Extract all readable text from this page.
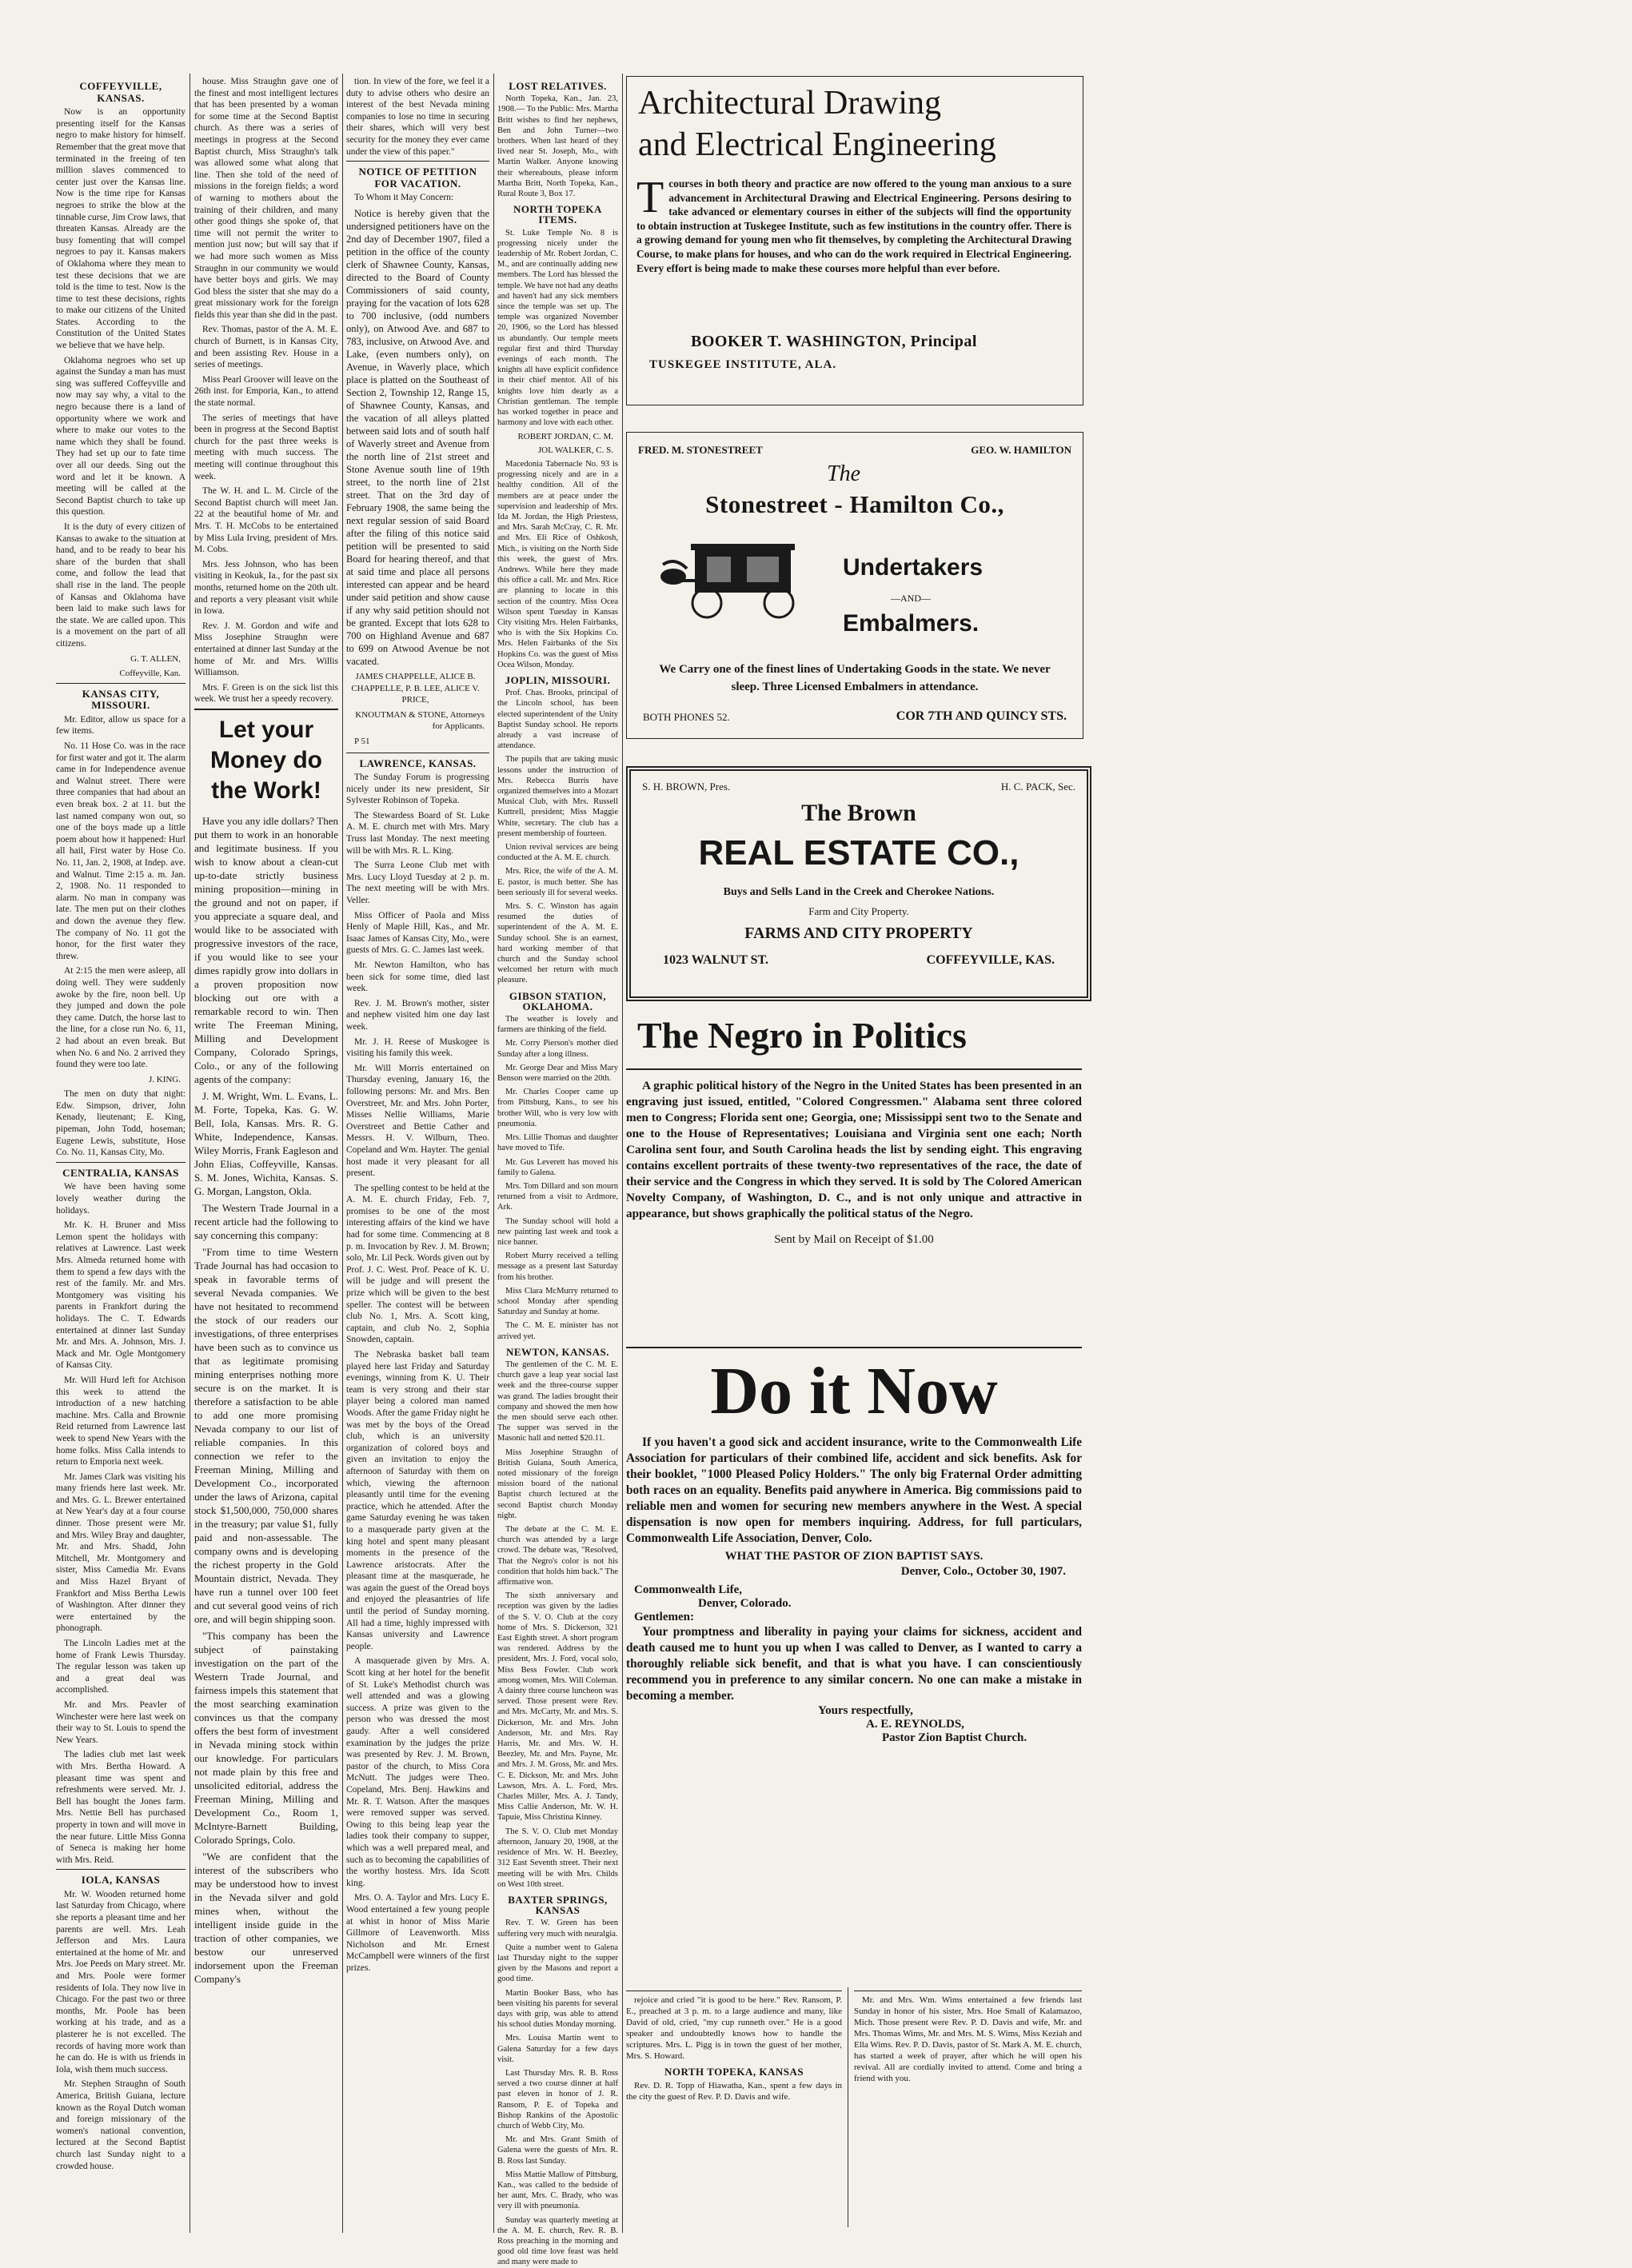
COFFEYVILLE, KANSAS.

Now is an opportunity presenting itself for the Kansas negro to make history for himself. Remember that the great move that terminated in the freeing of ten million slaves commenced to center just over the Kansas line. Now is the time ripe for Kansas negroes to strike the blow at the tinnable curse, Jim Crow laws, that threaten Kansas. Already are the busy fomenting that will compel negroes to pay it. Kansas makers of Oklahoma where they mean to test these decisions that we are told is the time to test. Now is the time to test these decisions, rights to make our citizens of the United States. According to the Constitution of the United States we believe that we have help.

Oklahoma negroes who set up against the Sunday a man has must sing was suffered Coffeyville and now may say why, a vital to the negro because there is a land of opportunity where we work and where to make our votes to the name which they shall be found. They had set up our to fate time over all our deeds. Sing out the word and let it be known. A meeting will be called at the Second Baptist church to take up this question.

It is the duty of every citizen of Kansas to awake to the situation at hand, and to be ready to bear his share of the burden that shall come, and follow the lead that shall rise in the land. The people of Kansas and Oklahoma have been laid to make such laws for the state. We are called upon. This is a movement on the part of all citizens.

G. T. ALLEN,
Coffeyville, Kan.
KANSAS CITY, MISSOURI.

Mr. Editor, allow us space for a few items.

No. 11 Hose Co. was in the race for first water and got it. The alarm came in for Independence avenue and Walnut street. There were three companies that had about an even break box. 2 at 11. but the last named company won out, so one of the boys made up a little poem about how it happened: Hurl all hail, First water by Hose Co. No. 11, Jan. 2, 1908, at Indep. ave. and Walnut. Time 2:15 a. m. Jan. 2, 1908. No. 11 responded to alarm. No man in company was late. The men put on their clothes and down the avenue they flew. The company of No. 11 got the honor, for the first water they threw.

At 2:15 the men were asleep, all doing well. They were suddenly awoke by the fire, noon bell. Up they jumped and down the pole they came. Dutch, the horse last to the line, for a close run No. 6, 11, 2 had about an even break. But when No. 6 and No. 2 arrived they found they were too late.

J. KING.

The men on duty that night: Edw. Simpson, driver, John Kenady, lieutenant; E. King, pipeman, John Todd, hoseman; Eugene Lewis, substitute, Hose Co. No. 11, Kansas City, Mo.

CENTRALIA, KANSAS

We have been having some lovely weather during the holidays.

Mr. K. H. Bruner and Miss Lemon spent the holidays with relatives at Lawrence. Last week Mrs. Almeda returned home with them to spend a few days with the rest of the family. Mr. and Mrs. Montgomery was visiting his parents in Frankfort during the holidays. The C. T. Edwards entertained at dinner last Sunday Mr. and Mrs. A. Johnson, Mrs. J. Mack and Mr. Ogle Montgomery of Kansas City.

Mr. Will Hurd left for Atchison this week to attend the introduction of a new hatching machine. Mrs. Calla and Brownie Reid returned from Lawrence last week to spend New Years with the home folks. Miss Calla intends to return to Emporia next week.

Mr. James Clark was visiting his many friends here last week. Mr. and Mrs. G. L. Brewer entertained at New Year's day at a four course dinner. Those present were Mr. and Mrs. Wiley Bray and daughter, Mr. and Mrs. Shadd, John Mitchell, Mr. Montgomery and sister, Miss Camedia Mr. Evans and Miss Hazel Bryant of Frankfort and Miss Bertha Lewis of Washington. After dinner they were entertained by the phonograph.

The Lincoln Ladies met at the home of Frank Lewis Thursday. The regular lesson was taken up and a great deal was accomplished.

Mr. and Mrs. Peavler of Winchester were here last week on their way to St. Louis to spend the New Years.

The ladies club met last week with Mrs. Bertha Howard. A pleasant time was spent and refreshments were served. Mr. J. Bell has bought the Jones farm. Mrs. Nettie Bell has purchased property in town and will move in the near future. Little Miss Gonna of Seneca is making her home with Mrs. Reid.

IOLA, KANSAS

Mr. W. Wooden returned home last Saturday from Chicago, where she reports a pleasant time and her parents are well. Mrs. Leah Jefferson and Mrs. Laura entertained at the home of Mr. and Mrs. Joe Peeds on Mary street. Mr. and Mrs. Poole were former residents of Iola. They now live in Chicago. For the past two or three months, Mr. Poole has been working at his trade, and as a plasterer he is not excelled. The records of having more work than he can do. He is with us friends in Iola, wish them much success.

Mr. Stephen Straughn of South America, British Guiana, lecture known as the Royal Dutch woman and foreign missionary of the women's national convention, lectured at the Second Baptist church last Sunday night to a crowded house.

house. Miss Straughn gave one of the finest and most intelligent lectures that has been presented by a woman for some time at the Second Baptist church. As there was a series of meetings in progress at the Second Baptist church, Miss Straughn's talk was allowed some what along that line. Then she told of the need of missions in the foreign fields; a word of warning to mothers about the training of their children, and many other good things she spoke of, that time will not permit the writer to mention just now; but will say that if we had more such women as Miss Straughn in our community we would have better boys and girls. We may God bless the sister that she may do a great missionary work for the foreign fields this year than she did in the past.

Rev. Thomas, pastor of the A. M. E. church of Burnett, is in Kansas City, and been assisting Rev. House in a series of meetings.

Miss Pearl Groover will leave on the 26th inst. for Emporia, Kan., to attend the state normal.

The series of meetings that have been in progress at the Second Baptist church for the past three weeks is meeting with much success. The meeting will continue throughout this week.

The W. H. and L. M. Circle of the Second Baptist church will meet Jan. 22 at the beautiful home of Mr. and Mrs. T. H. McCobs to be entertained by Miss Lula Irving, president of Mrs. M. Cobs.

Mrs. Jess Johnson, who has been visiting in Keokuk, Ia., for the past six months, returned home on the 20th ult. and reports a very pleasant visit while in Iowa.

Rev. J. M. Gordon and wife and Miss Josephine Straughn were entertained at dinner last Sunday at the home of Mr. and Mrs. Willis Williamson.

Mrs. F. Green is on the sick list this week. We trust her a speedy recovery.

Let your Money do the Work!

Have you any idle dollars? Then put them to work in an honorable and legitimate business. If you wish to know about a clean-cut up-to-date strictly business mining proposition—mining in the ground and not on paper, if you appreciate a square deal, and would like to be associated with progressive investors of the race, if you would like to see your dimes rapidly grow into dollars in a proven proposition now blocking out ore with a remarkable record to win. Then write The Freeman Mining, Milling and Development Company, Colorado Springs, Colo., or any of the following agents of the company:

J. M. Wright, Wm. L. Evans, L. M. Forte, Topeka, Kas. G. W. Bell, Iola, Kansas. Mrs. R. G. White, Independence, Kansas. Wiley Morris, Frank Eagleson and John Elias, Coffeyville, Kansas. S. M. Jones, Wichita, Kansas. S. G. Morgan, Langston, Okla.

The Western Trade Journal in a recent article had the following to say concerning this company:

"From time to time Western Trade Journal has had occasion to speak in favorable terms of several Nevada companies. We have not hesitated to recommend the stock of our readers our investigations, of three enterprises have been such as to convince us that as legitimate promising mining enterprises nothing more secure is on the market. It is therefore a satisfaction to be able to add one more promising Nevada company to our list of reliable companies. In this connection we refer to the Freeman Mining, Milling and Development Co., incorporated under the laws of Arizona, capital stock $1,500,000, 750,000 shares in the treasury; par value $1, fully paid and non-assessable. The company owns and is developing the richest property in the Gold Mountain district, Nevada. They have run a tunnel over 100 feet and cut several good veins of rich ore, and will begin shipping soon.

"This company has been the subject of painstaking investigation on the part of the Western Trade Journal, and fairness impels this statement that the most searching examination convinces us that the company offers the best form of investment in Nevada mining stock within our knowledge. For particulars not made plain by this free and unsolicited editorial, address the Freeman Mining, Milling and Development Co., Room 1, McIntyre-Barnett Building, Colorado Springs, Colo.

"We are confident that the interest of the subscribers who may be understood how to invest in the Nevada silver and gold mines when, without the intelligent inside guide in the traction of other companies, we bestow our unreserved indorsement upon the Freeman Company's

tion. In view of the fore, we feel it a duty to advise others who desire an interest of the best Nevada mining companies to lose no time in securing their shares, which will very best security for the money they ever came under the view of this paper."

NOTICE OF PETITION FOR VACATION.

To Whom it May Concern:

Notice is hereby given that the undersigned petitioners have on the 2nd day of December 1907, filed a petition in the office of the county clerk of Shawnee County, Kansas, directed to the Board of County Commissioners of said county, praying for the vacation of lots 628 to 700 inclusive, (odd numbers only), on Atwood Ave. and 687 to 783, inclusive, on Atwood Ave. and Lake, (even numbers only), on Avenue, in Waverly place, which place is platted on the Southeast of Section 2, Township 12, Range 15, of Shawnee County, Kansas, and the vacation of all alleys platted between said lots and of south half of Waverly street and Avenue from the north line of 21st street and Stone Avenue south line of 19th street, to the north line of 21st street. That on the 3rd day of February 1908, the same being the next regular session of said Board after the filing of this notice said petition will be presented to said Board for hearing thereof, and that at said time and place all persons interested can appear and be heard under said petition and show cause if any why said petition should not be granted. Except that lots 628 to 700 on Highland Avenue and 687 to 699 on Atwood Avenue be not vacated.

JAMES CHAPPELLE, ALICE B. CHAPPELLE, P. B. LEE, ALICE V. PRICE,
KNOUTMAN & STONE, Attorneys for Applicants.
P 51
LAWRENCE, KANSAS.

The Sunday Forum is progressing nicely under its new president, Sir Sylvester Robinson of Topeka.

The Stewardess Board of St. Luke A. M. E. church met with Mrs. Mary Truss last Monday. The next meeting will be with Mrs. R. L. King.

The Surra Leone Club met with Mrs. Lucy Lloyd Tuesday at 2 p. m. The next meeting will be with Mrs. Veller.

Miss Officer of Paola and Miss Henly of Maple Hill, Kas., and Mr. Isaac James of Kansas City, Mo., were guests of Mrs. G. C. James last week.

Mr. Newton Hamilton, who has been sick for some time, died last week.

Rev. J. M. Brown's mother, sister and nephew visited him one day last week.

Mr. J. H. Reese of Muskogee is visiting his family this week.

Mr. Will Morris entertained on Thursday evening, January 16, the following persons: Mr. and Mrs. Ben Overstreet, Mr. and Mrs. John Porter, Misses Nellie Williams, Marie Overstreet and Bettie Cather and Messrs. H. V. Wilburn, Theo. Copeland and Wm. Hayter. The genial host made it very pleasant for all present.

The spelling contest to be held at the A. M. E. church Friday, Feb. 7, promises to be one of the most interesting affairs of the kind we have had for some time. Commencing at 8 p. m. Invocation by Rev. J. M. Brown; solo, Mr. Lil Peck. Words given out by Prof. J. C. West. Prof. Peace of K. U. will be judge and will present the prize which will be given to the best speller. The contest will be between club No. 1, Mrs. A. Scott king, captain, and club No. 2, Sophia Snowden, captain.

The Nebraska basket ball team played here last Friday and Saturday evenings, winning from K. U. Their team is very strong and their star player being a colored man named Woods. After the game Friday night he was met by the boys of the Oread club, which is an university organization of colored boys and given an invitation to enjoy the afternoon of Saturday with them on which, viewing the afternoon pleasantly until time for the evening practice, which he attended. After the game Saturday evening he was taken to a masquerade party given at the king hotel and spent many pleasant moments in the presence of the Lawrence aristocrats. After the pleasant time at the masquerade, he was again the guest of the Oread boys and enjoyed the pleasantries of life until the period of Sunday morning. All had a time, highly impressed with Kansas university and Lawrence people.

A masquerade given by Mrs. A. Scott king at her hotel for the benefit of St. Luke's Methodist church was well attended and was a glowing success. A prize was given to the person who was dressed the most gaudy. After a well considered examination by the judges the prize was presented by Rev. J. M. Brown, pastor of the church, to Miss Cora McNutt. The judges were Theo. Copeland, Mrs. Benj. Hawkins and Mr. R. T. Watson. After the masques were removed supper was served. Owing to this being leap year the ladies took their company to supper, which was a well prepared meal, and such as to becoming the capabilities of the worthy hostess. Mrs. Ida Scott king.

Mrs. O. A. Taylor and Mrs. Lucy E. Wood entertained a few young people at whist in honor of Miss Marie Gillmore of Leavenworth. Miss Nicholson and Mr. Ernest McCampbell were winners of the first prizes.

LOST RELATIVES.

North Topeka, Kan., Jan. 23, 1908.— To the Public: Mrs. Martha Britt wishes to find her nephews, Ben and John Turner—two brothers. When last heard of they lived near St. Joseph, Mo., with Martin Walker. Anyone knowing their whereabouts, please inform Martha Britt, North Topeka, Kan., Rural Route 3, Box 17.

NORTH TOPEKA ITEMS.

St. Luke Temple No. 8 is progressing nicely under the leadership of Mr. Robert Jordan, C. M., and are continually adding new members. The Lord has blessed the temple. We have not had any deaths and haven't had any sick members since the temple was set up. The temple was organized November 20, 1906, so the Lord has blessed us abundantly. Our temple meets regular first and third Thursday evenings of each month. The knights all have explicit confidence in their chief mentor. All of his knights love him dearly as a Christian gentleman. The temple has worked together in peace and harmony and love with each other.

ROBERT JORDAN, C. M.
JOL WALKER, C. S.

Macedonia Tabernacle No. 93 is progressing nicely and are in a healthy condition. All of the members are at peace under the supervision and leadership of Mrs. Ida M. Jordan, the High Priestess, and Mrs. Sarah McCray, C. R. Mr. and Mrs. Eli Rice of Oshkosh, Mich., is visiting on the North Side this week, the guest of Mrs. Andrews. While here they made this office a call. Mr. and Mrs. Rice are planning to locate in this section of the country. Miss Ocea Wilson spent Tuesday in Kansas City visiting Mrs. Helen Fairbanks, who is with the Six Hopkins Co. Mrs. Helen Fairbanks of the Six Hopkins Co. was the guest of Miss Ocea Wilson, Monday.

JOPLIN, MISSOURI.

Prof. Chas. Brooks, principal of the Lincoln school, has been elected superintendent of the Unity Baptist Sunday school. He reports already a vast increase of attendance.

The pupils that are taking music lessons under the instruction of Mrs. Rebecca Burris have organized themselves into a Mozart Musical Club, with Mrs. Russell Kuttrell, president; Miss Maggie White, secretary. The club has a present membership of fourteen.

Union revival services are being conducted at the A. M. E. church.

Mrs. Rice, the wife of the A. M. E. pastor, is much better. She has been seriously ill for several weeks.

Mrs. S. C. Winston has again resumed the duties of superintendent of the A. M. E. Sunday school. She is an earnest, hard working member of that church and the Sunday school welcomed her return with much pleasure.

GIBSON STATION, OKLAHOMA.

The weather is lovely and farmers are thinking of the field.

Mr. Corry Pierson's mother died Sunday after a long illness.

Mr. George Dear and Miss Mary Benson were married on the 20th.

Mr. Charles Cooper came up from Pittsburg, Kans., to see his brother Will, who is very low with pneumonia.

Mrs. Lillie Thomas and daughter have moved to Tife.

Mr. Gus Leverett has moved his family to Galena.

Mrs. Tom Dillard and son mourn returned from a visit to Ardmore, Ark.

The Sunday school will hold a new painting last week and took a nice banner.

Robert Murry received a telling message as a present last Saturday from his brother.

Miss Clara McMurry returned to school Monday after spending Saturday and Sunday at home.

The C. M. E. minister has not arrived yet.

NEWTON, KANSAS.

The gentlemen of the C. M. E. church gave a leap year social last week and the three-course supper was grand. The ladies brought their company and showed the men how the men should serve each other. The supper was served in the Masonic hall and netted $20.11.

Miss Josephine Straughn of British Guiana, South America, noted missionary of the foreign mission board of the national Baptist church lectured at the second Baptist church Monday night.

The debate at the C. M. E. church was attended by a large crowd. The debate was, "Resolved, That the Negro's color is not his condition that holds him back." The affirmative won.

The sixth anniversary and reception was given by the ladies of the S. V. O. Club at the cozy home of Mrs. S. Dickerson, 321 East Eighth street. A short program was rendered. Address by the president, Mrs. J. Ford, vocal solo, Miss Bess Fowler. Club work among women, Mrs. Will Coleman. A dainty three course luncheon was served. Those present were Rev. and Mrs. McCarty, Mr. and Mrs. S. Dickerson, Mr. and Mrs. John Anderson, Mr. and Mrs. Ray Harris, Mr. and Mrs. W. H. Beezley, Mr. and Mrs. Payne, Mr. and Mrs. J. M. Gross, Mr. and Mrs. C. E. Dickson, Mr. and Mrs. John Lawson, Mrs. A. L. Ford, Mrs. Charles Miller, Mrs. A. J. Tandy, Miss Callie Anderson, Mr. W. H. Tapuie, Miss Christina Kinney.

The S. V. O. Club met Monday afternoon, January 20, 1908, at the residence of Mrs. W. H. Beezley, 312 East Seventh street. Their next meeting will be with Mrs. Childs on West 10th street.

BAXTER SPRINGS, KANSAS

Rev. T. W. Green has been suffering very much with neuralgia.

Quite a number went to Galena last Thursday night to the supper given by the Masons and report a good time.

Martin Booker Bass, who has been visiting his parents for several days with grip, was able to attend his school duties Monday morning.

Mrs. Louisa Martin went to Galena Saturday for a few days visit.

Last Thursday Mrs. R. B. Ross served a two course dinner at half past eleven in honor of J. R. Ransom, P. E. of Topeka and Bishop Rankins of the Apostolic church of Webb City, Mo.

Mr. and Mrs. Grant Smith of Galena were the guests of Mrs. R. B. Ross last Sunday.

Miss Mattie Mallow of Pittsburg, Kan., was called to the bedside of her aunt, Mrs. C. Brady, who was very ill with pneumonia.

Sunday was quarterly meeting at the A. M. E. church, Rev. R. B. Ross preaching in the morning and good old time love feast was held and many were made to

Architectural Drawing
and Electrical Engineering
Tcourses in both theory and practice are now offered to the young man anxious to a sure advancement in Architectural Drawing and Electrical Engineering. Persons desiring to take advanced or elementary courses in either of the subjects will find the opportunity to obtain instruction at Tuskegee Institute, such as few institutions in the country offer. There is a growing demand for young men who fit themselves, by completing the Architectural Drawing Course, to make plans for houses, and who can do the work required in Electrical Engineering. Every effort is being made to make these courses more helpful than ever before.
BOOKER T. WASHINGTON, Principal
TUSKEGEE INSTITUTE, ALA.
FRED. M. STONESTREET	GEO. W. HAMILTON
The
Stonestreet - Hamilton Co.,
Undertakers
—AND—
Embalmers.
We Carry one of the finest lines of Undertaking Goods in the state. We never sleep. Three Licensed Embalmers in attendance.
BOTH PHONES 52.	COR 7TH AND QUINCY STS.
S. H. BROWN, Pres.	H. C. PACK, Sec.
The Brown
REAL ESTATE CO.,
Buys and Sells Land in the Creek and Cherokee Nations.
Farm and City Property.
FARMS AND CITY PROPERTY
1023 WALNUT ST.	COFFEYVILLE, KAS.
The Negro in Politics
A graphic political history of the Negro in the United States has been presented in an engraving just issued, entitled, "Colored Congressmen." Alabama sent three colored men to Congress; Florida sent one; Georgia, one; Mississippi sent two to the Senate and one to the House of Representatives; Louisiana and Virginia sent one each; North Carolina sent four, and South Carolina heads the list by sending eight. This engraving contains excellent portraits of these twenty-two representatives of the race, the date of their service and the Congress in which they served. It is sold by The Colored American Novelty Company, of Washington, D. C., and is not only unique and attractive in appearance, but shows graphically the political status of the Negro.
Sent by Mail on Receipt of $1.00
Do it Now
If you haven't a good sick and accident insurance, write to the Commonwealth Life Association for particulars of their combined life, accident and sick benefits. Ask for their booklet, "1000 Pleased Policy Holders." The only big Fraternal Order admitting both races on an equality. Benefits paid anywhere in America. Big commissions paid to reliable men and women for securing new members anywhere in the West. A special dispensation is now open for members inquiring. Address, for full particulars, Commonwealth Life Association, Denver, Colo.
WHAT THE PASTOR OF ZION BAPTIST SAYS.
Denver, Colo., October 30, 1907.
Commonwealth Life,
Denver, Colorado.
Gentlemen:
Your promptness and liberality in paying your claims for sickness, accident and death caused me to hunt you up when I was called to Denver, as I wanted to carry a thoroughly reliable sick benefit, and that is what you have. I can conscientiously recommend you in preference to any similar concern. No one can make a mistake in becoming a member.
Yours respectfully,
A. E. REYNOLDS,
Pastor Zion Baptist Church.

rejoice and cried "it is good to be here." Rev. Ransom, P. E., preached at 3 p. m. to a large audience and many, like David of old, cried, "my cup runneth over." He is a good speaker and undoubtedly knows how to handle the scriptures. Mrs. L. Pigg is in town the guest of her mother, Mrs. S. Howard.

NORTH TOPEKA, KANSAS

Rev. D. R. Topp of Hiawatha, Kan., spent a few days in the city the guest of Rev. P. D. Davis and wife.

Mr. and Mrs. Wm. Wims entertained a few friends last Sunday in honor of his sister, Mrs. Hoe Small of Kalamazoo, Mich. Those present were Rev. P. D. Davis and wife, Mr. and Mrs. Thomas Wims, Mr. and Mrs. M. S. Wims, Miss Keziah and Ella Wims. Rev. P. D. Davis, pastor of St. Mark A. M. E. church, has started a week of prayer, after which he will open his revival. All are cordially invited to attend. Come and bring a friend with you.
